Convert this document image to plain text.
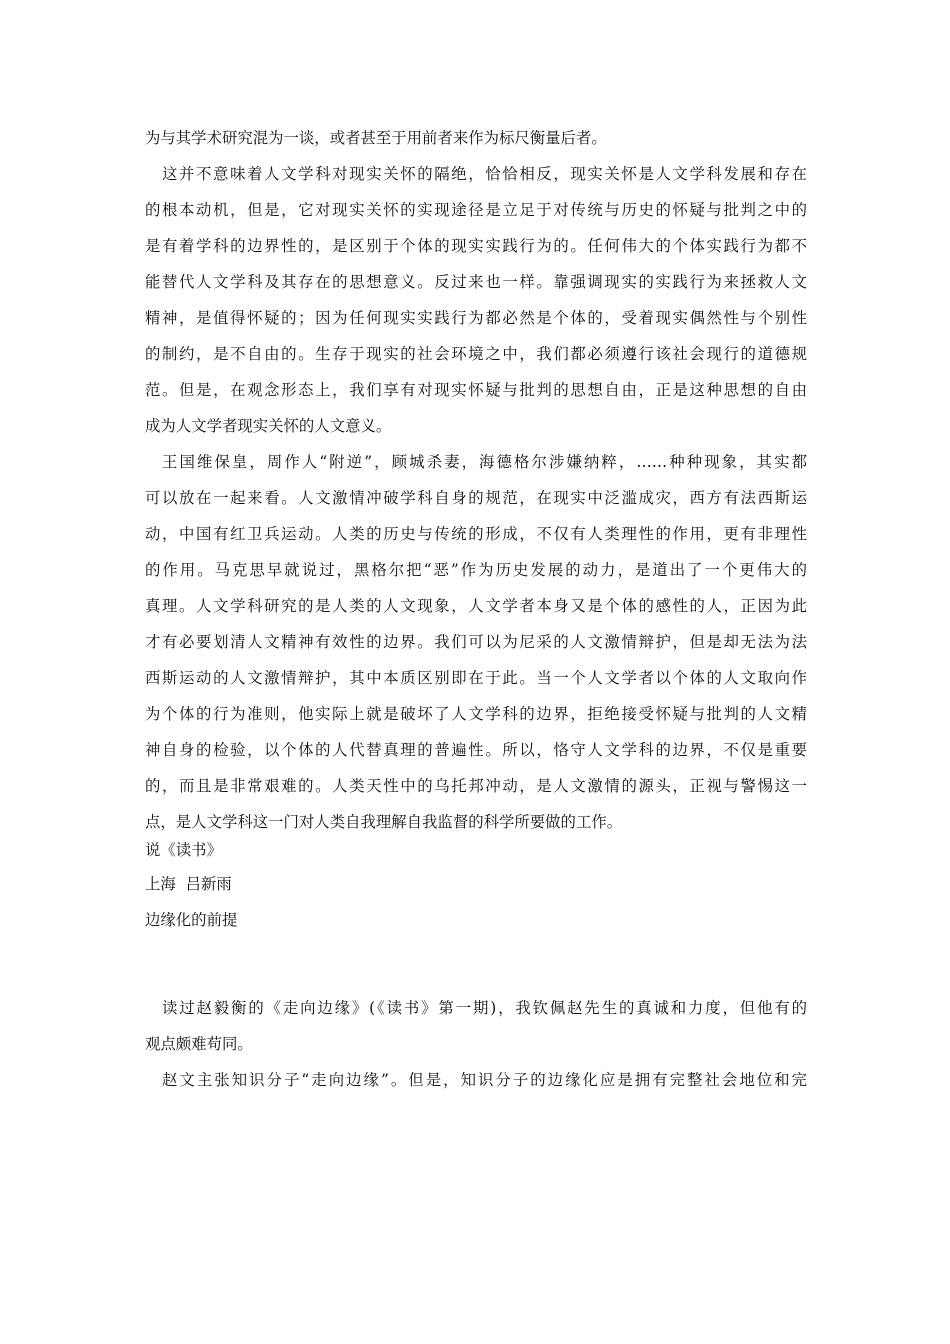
为与其学术研究混为一谈，或者甚至于用前者来作为标尺衡量后者。
这并不意味着人文学科对现实关怀的隔绝，恰恰相反，现实关怀是人文学科发展和存在
的根本动机，但是，它对现实关怀的实现途径是立足于对传统与历史的怀疑与批判之中的
是有着学科的边界性的，是区别于个体的现实实践行为的。任何伟大的个体实践行为都不
能替代人文学科及其存在的思想意义。反过来也一样。靠强调现实的实践行为来拯救人文
精神，是值得怀疑的；因为任何现实实践行为都必然是个体的，受着现实偶然性与个别性
的制约，是不自由的。生存于现实的社会环境之中，我们都必须遵行该社会现行的道德规
范。但是，在观念形态上，我们享有对现实怀疑与批判的思想自由，正是这种思想的自由
成为人文学者现实关怀的人文意义。
王国维保皇，周作人“附逆”，顾城杀妻，海德格尔涉嫌纳粹，……种种现象，其实都
可以放在一起来看。人文激情冲破学科自身的规范，在现实中泛滥成灾，西方有法西斯运
动，中国有红卫兵运动。人类的历史与传统的形成，不仅有人类理性的作用，更有非理性
的作用。马克思早就说过，黑格尔把“恶”作为历史发展的动力，是道出了一个更伟大的
真理。人文学科研究的是人类的人文现象，人文学者本身又是个体的感性的人，正因为此
才有必要划清人文精神有效性的边界。我们可以为尼采的人文激情辩护，但是却无法为法
西斯运动的人文激情辩护，其中本质区别即在于此。当一个人文学者以个体的人文取向作
为个体的行为准则，他实际上就是破坏了人文学科的边界，拒绝接受怀疑与批判的人文精
神自身的检验，以个体的人代替真理的普遍性。所以，恪守人文学科的边界，不仅是重要
的，而且是非常艰难的。人类天性中的乌托邦冲动，是人文激情的源头，正视与警惕这一
点，是人文学科这一门对人类自我理解自我监督的科学所要做的工作。
说《读书》
上海  吕新雨
边缘化的前提
读过赵毅衡的《走向边缘》(《读书》第一期)，我钦佩赵先生的真诚和力度，但他有的
观点颇难苟同。
赵文主张知识分子“走向边缘”。但是，知识分子的边缘化应是拥有完整社会地位和完
